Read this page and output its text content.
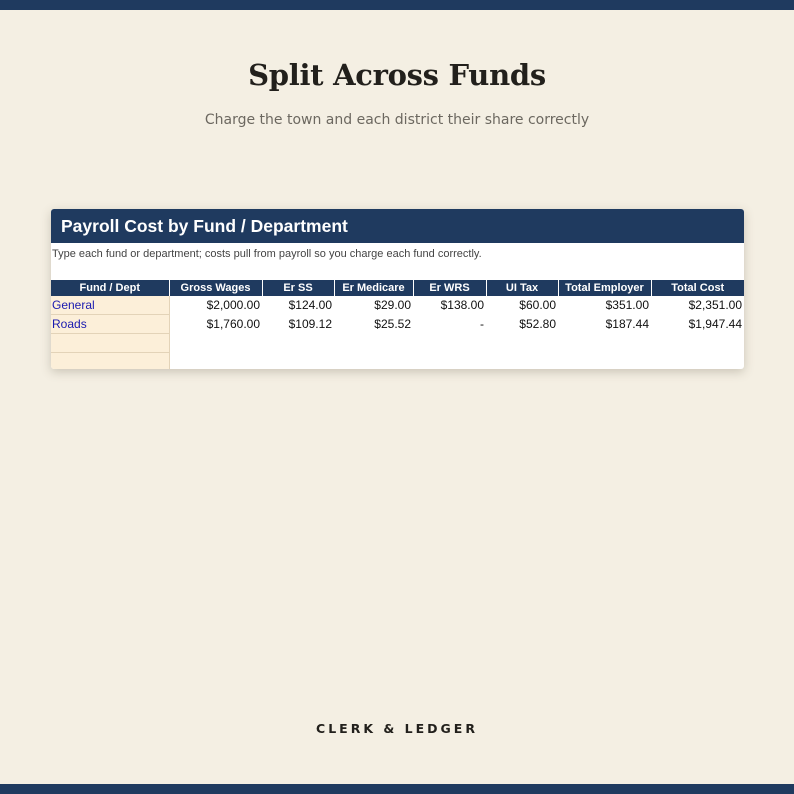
Split Across Funds
Charge the town and each district their share correctly
Payroll Cost by Fund / Department
Type each fund or department; costs pull from payroll so you charge each fund correctly.
Fund / Dept	Gross Wages	Er SS	Er Medicare	Er WRS	UI Tax	Total Employer	Total Cost
General	$2,000.00	$124.00	$29.00	$138.00	$60.00	$351.00	$2,351.00
Roads	$1,760.00	$109.12	$25.52	-	$52.80	$187.44	$1,947.44

CLERK & LEDGER
